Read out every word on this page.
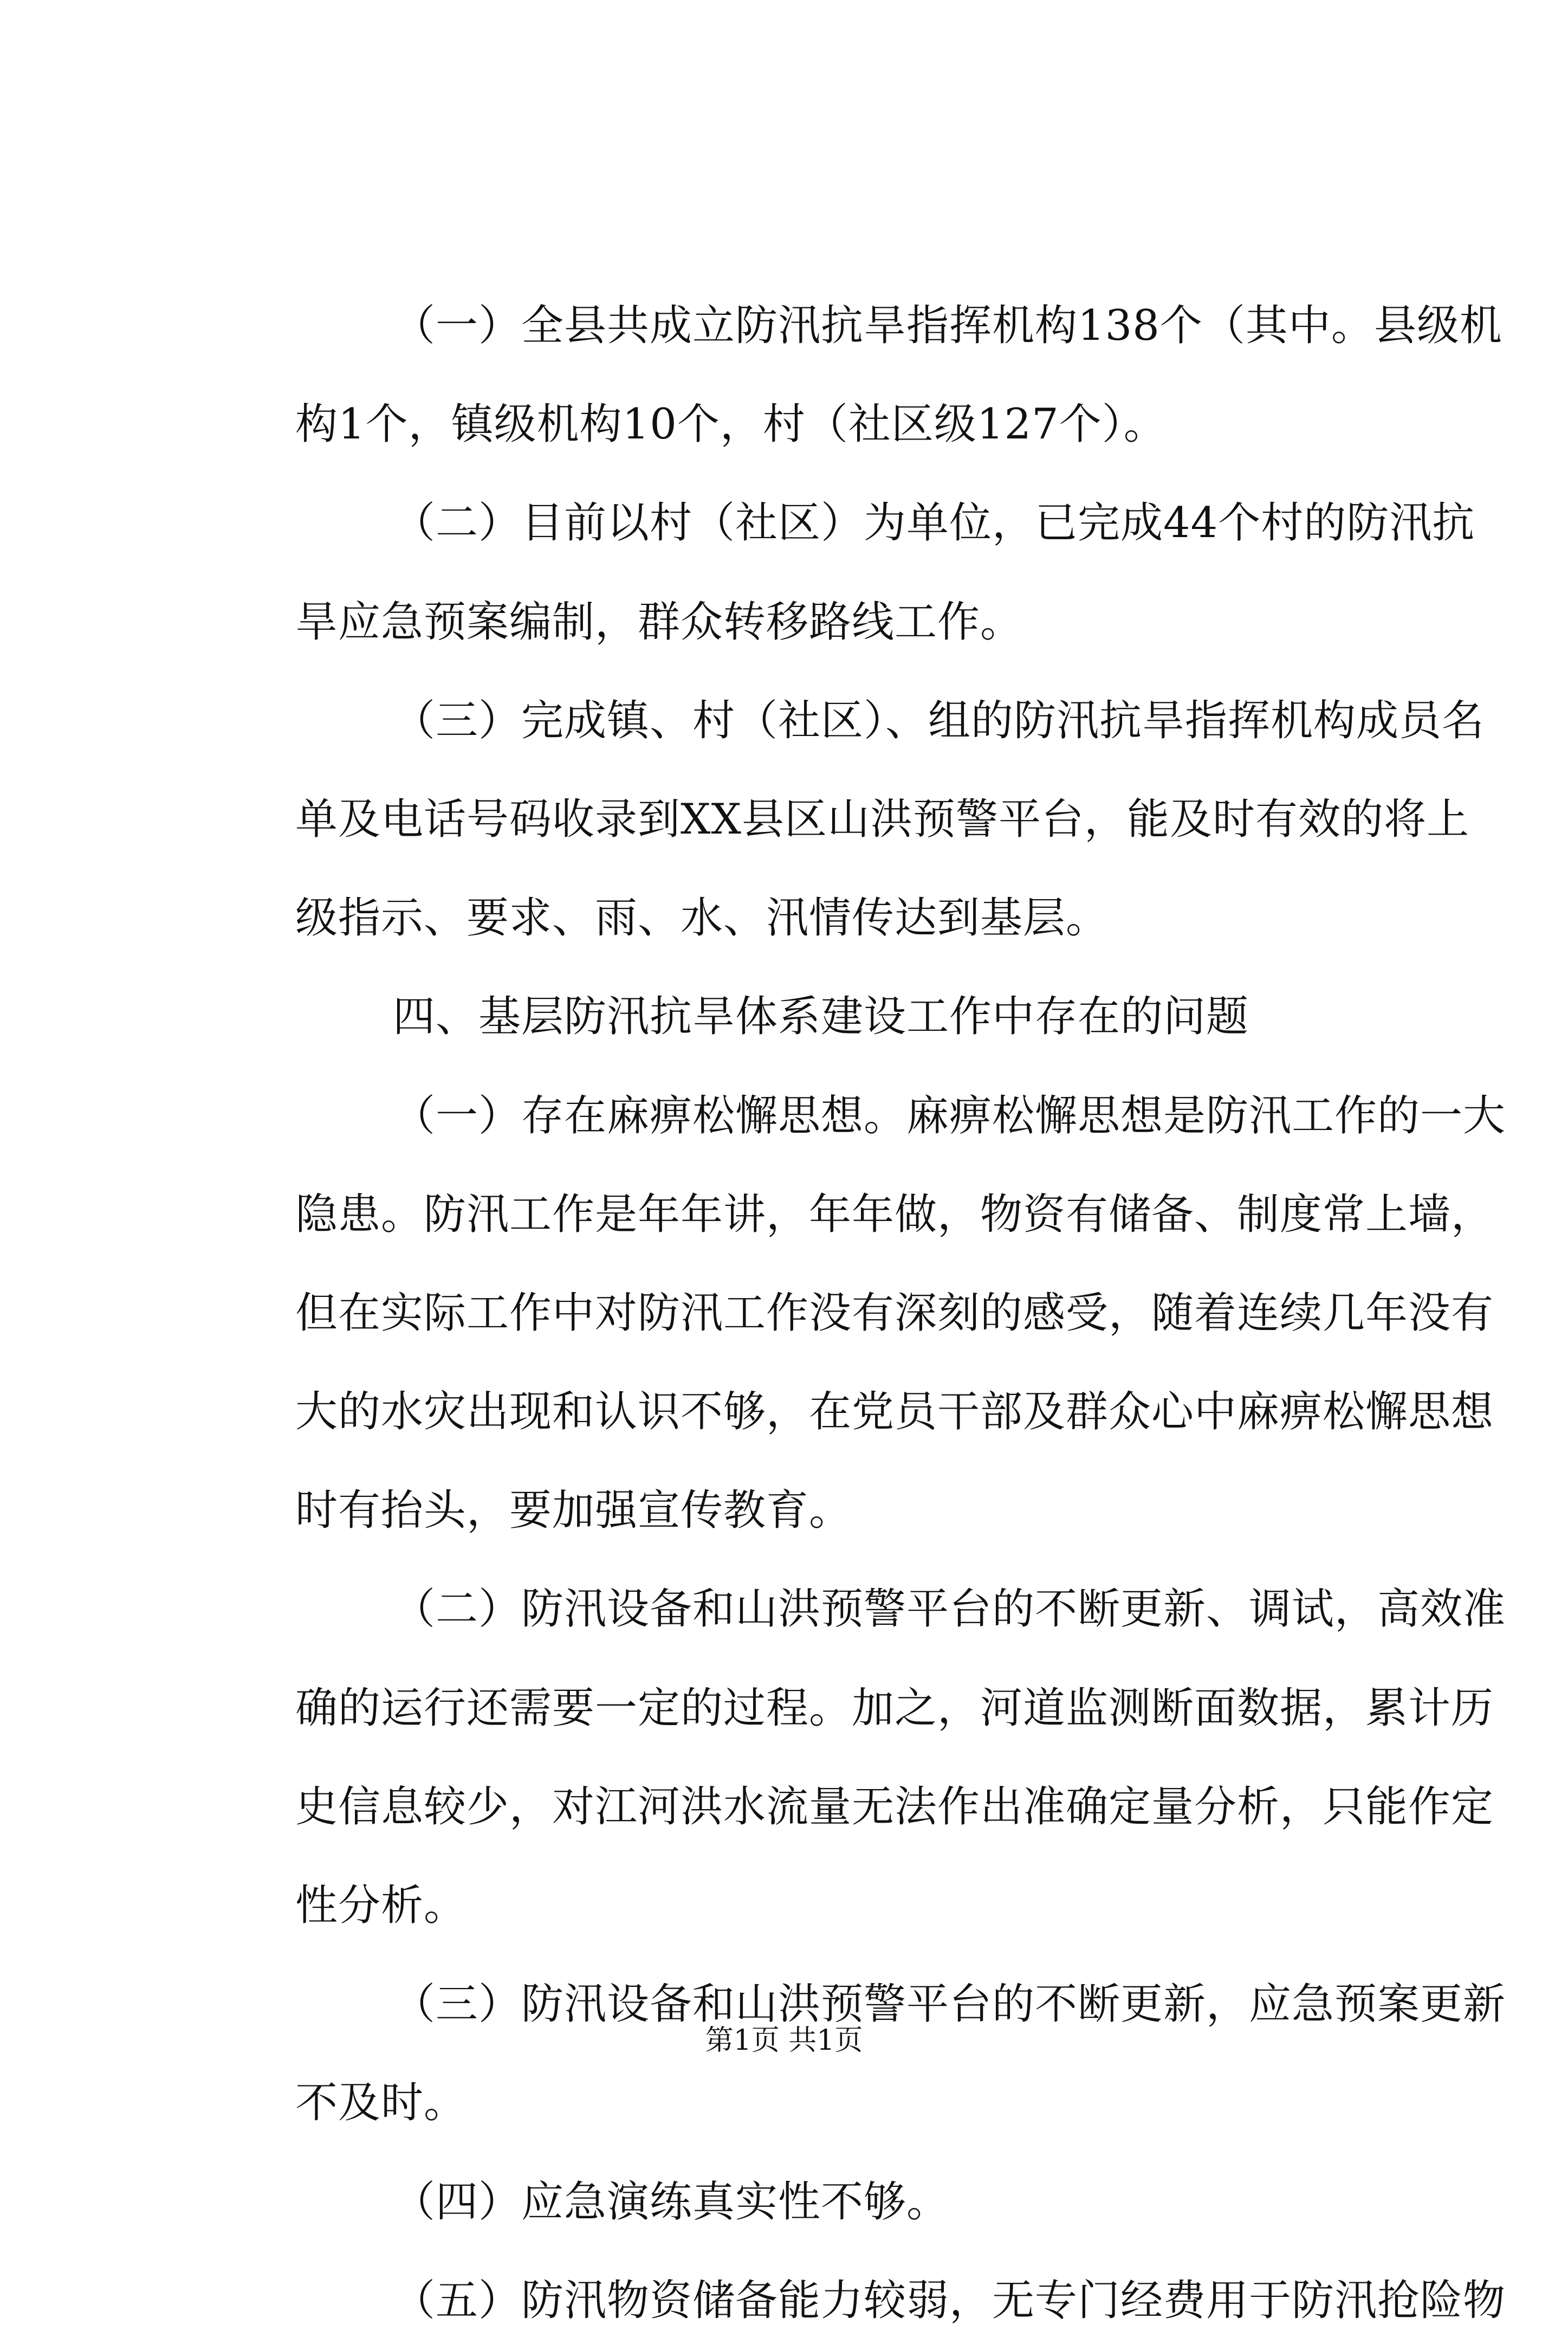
（一）全县共成立防汛抗旱指挥机构138个（其中。县级机
构1个，镇级机构10个，村（社区级127个）。
（二）目前以村（社区）为单位，已完成44个村的防汛抗
旱应急预案编制，群众转移路线工作。
（三）完成镇、村（社区）、组的防汛抗旱指挥机构成员名
单及电话号码收录到XX县区山洪预警平台，能及时有效的将上
级指示、要求、雨、水、汛情传达到基层。
四、基层防汛抗旱体系建设工作中存在的问题
（一）存在麻痹松懈思想。麻痹松懈思想是防汛工作的一大
隐患。防汛工作是年年讲，年年做，物资有储备、制度常上墙，
但在实际工作中对防汛工作没有深刻的感受，随着连续几年没有
大的水灾出现和认识不够，在党员干部及群众心中麻痹松懈思想
时有抬头，要加强宣传教育。
（二）防汛设备和山洪预警平台的不断更新、调试，高效准
确的运行还需要一定的过程。加之，河道监测断面数据，累计历
史信息较少，对江河洪水流量无法作出准确定量分析，只能作定
性分析。
（三）防汛设备和山洪预警平台的不断更新，应急预案更新
不及时。
（四）应急演练真实性不够。
（五）防汛物资储备能力较弱，无专门经费用于防汛抢险物
第1页 共1页
